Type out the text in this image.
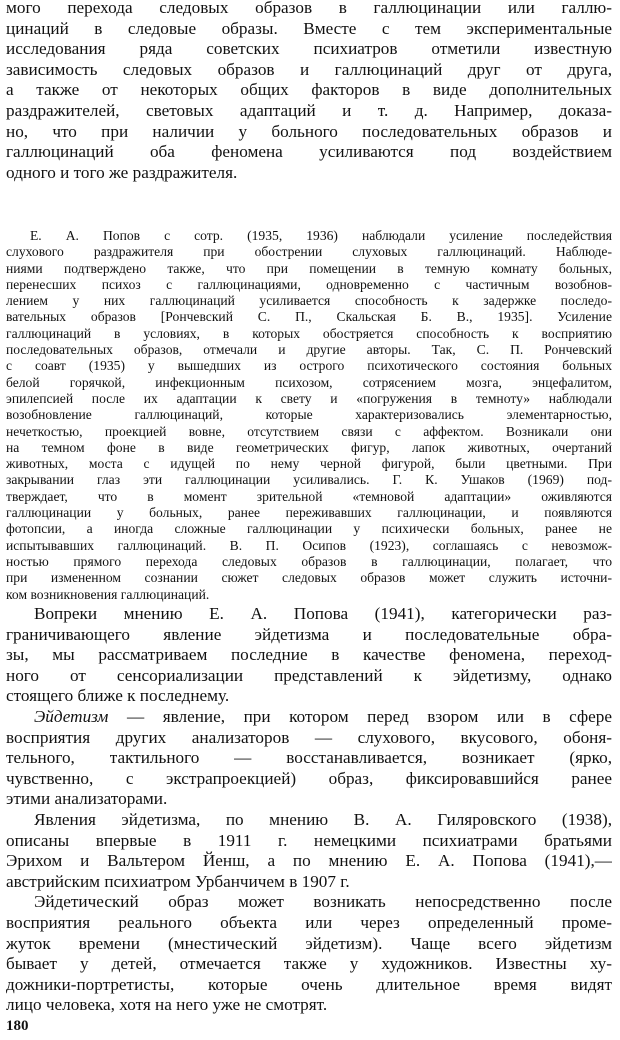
мого перехода следовых образов в галлюцинации или галлю-
цинаций в следовые образы. Вместе с тем экспериментальные
исследования ряда советских психиатров отметили известную
зависимость следовых образов и галлюцинаций друг от друга,
а также от некоторых общих факторов в виде дополнительных
раздражителей, световых адаптаций и т. д. Например, доказа-
но, что при наличии у больного последовательных образов и
галлюцинаций оба феномена усиливаются под воздействием
одного и того же раздражителя.
Е. А. Попов с сотр. (1935, 1936) наблюдали усиление последействия
слухового раздражителя при обострении слуховых галлюцинаций. Наблюде-
ниями подтверждено также, что при помещении в темную комнату больных,
перенесших психоз с галлюцинациями, одновременно с частичным возобнов-
лением у них галлюцинаций усиливается способность к задержке последо-
вательных образов [Рончевский С. П., Скальская Б. В., 1935]. Усиление
галлюцинаций в условиях, в которых обостряется способность к восприятию
последовательных образов, отмечали и другие авторы. Так, С. П. Рончевский
с соавт (1935) у вышедших из острого психотического состояния больных
белой горячкой, инфекционным психозом, сотрясением мозга, энцефалитом,
эпилепсией после их адаптации к свету и «погружения в темноту» наблюдали
возобновление галлюцинаций, которые характеризовались элементарностью,
нечеткостью, проекцией вовне, отсутствием связи с аффектом. Возникали они
на темном фоне в виде геометрических фигур, лапок животных, очертаний
животных, моста с идущей по нему черной фигурой, были цветными. При
закрывании глаз эти галлюцинации усиливались. Г. К. Ушаков (1969) под-
тверждает, что в момент зрительной «темновой адаптации» оживляются
галлюцинации у больных, ранее переживавших галлюцинации, и появляются
фотопсии, а иногда сложные галлюцинации у психически больных, ранее не
испытывавших галлюцинаций. В. П. Осипов (1923), соглашаясь с невозмож-
ностью прямого перехода следовых образов в галлюцинации, полагает, что
при измененном сознании сюжет следовых образов может служить источни-
ком возникновения галлюцинаций.
Вопреки мнению Е. А. Попова (1941), категорически раз-
граничивающего явление эйдетизма и последовательные обра-
зы, мы рассматриваем последние в качестве феномена, переход-
ного от сенсориализации представлений к эйдетизму, однако
стоящего ближе к последнему.
Эйдетизм — явление, при котором перед взором или в сфере
восприятия других анализаторов — слухового, вкусового, обоня-
тельного, тактильного — восстанавливается, возникает (ярко,
чувственно, с экстрапроекцией) образ, фиксировавшийся ранее
этими анализаторами.
Явления эйдетизма, по мнению В. А. Гиляровского (1938),
описаны впервые в 1911 г. немецкими психиатрами братьями
Эрихом и Вальтером Йенш, а по мнению Е. А. Попова (1941),—
австрийским психиатром Урбанчичем в 1907 г.
Эйдетический образ может возникать непосредственно после
восприятия реального объекта или через определенный проме-
жуток времени (мнестический эйдетизм). Чаще всего эйдетизм
бывает у детей, отмечается также у художников. Известны ху-
дожники-портретисты, которые очень длительное время видят
лицо человека, хотя на него уже не смотрят.
180
